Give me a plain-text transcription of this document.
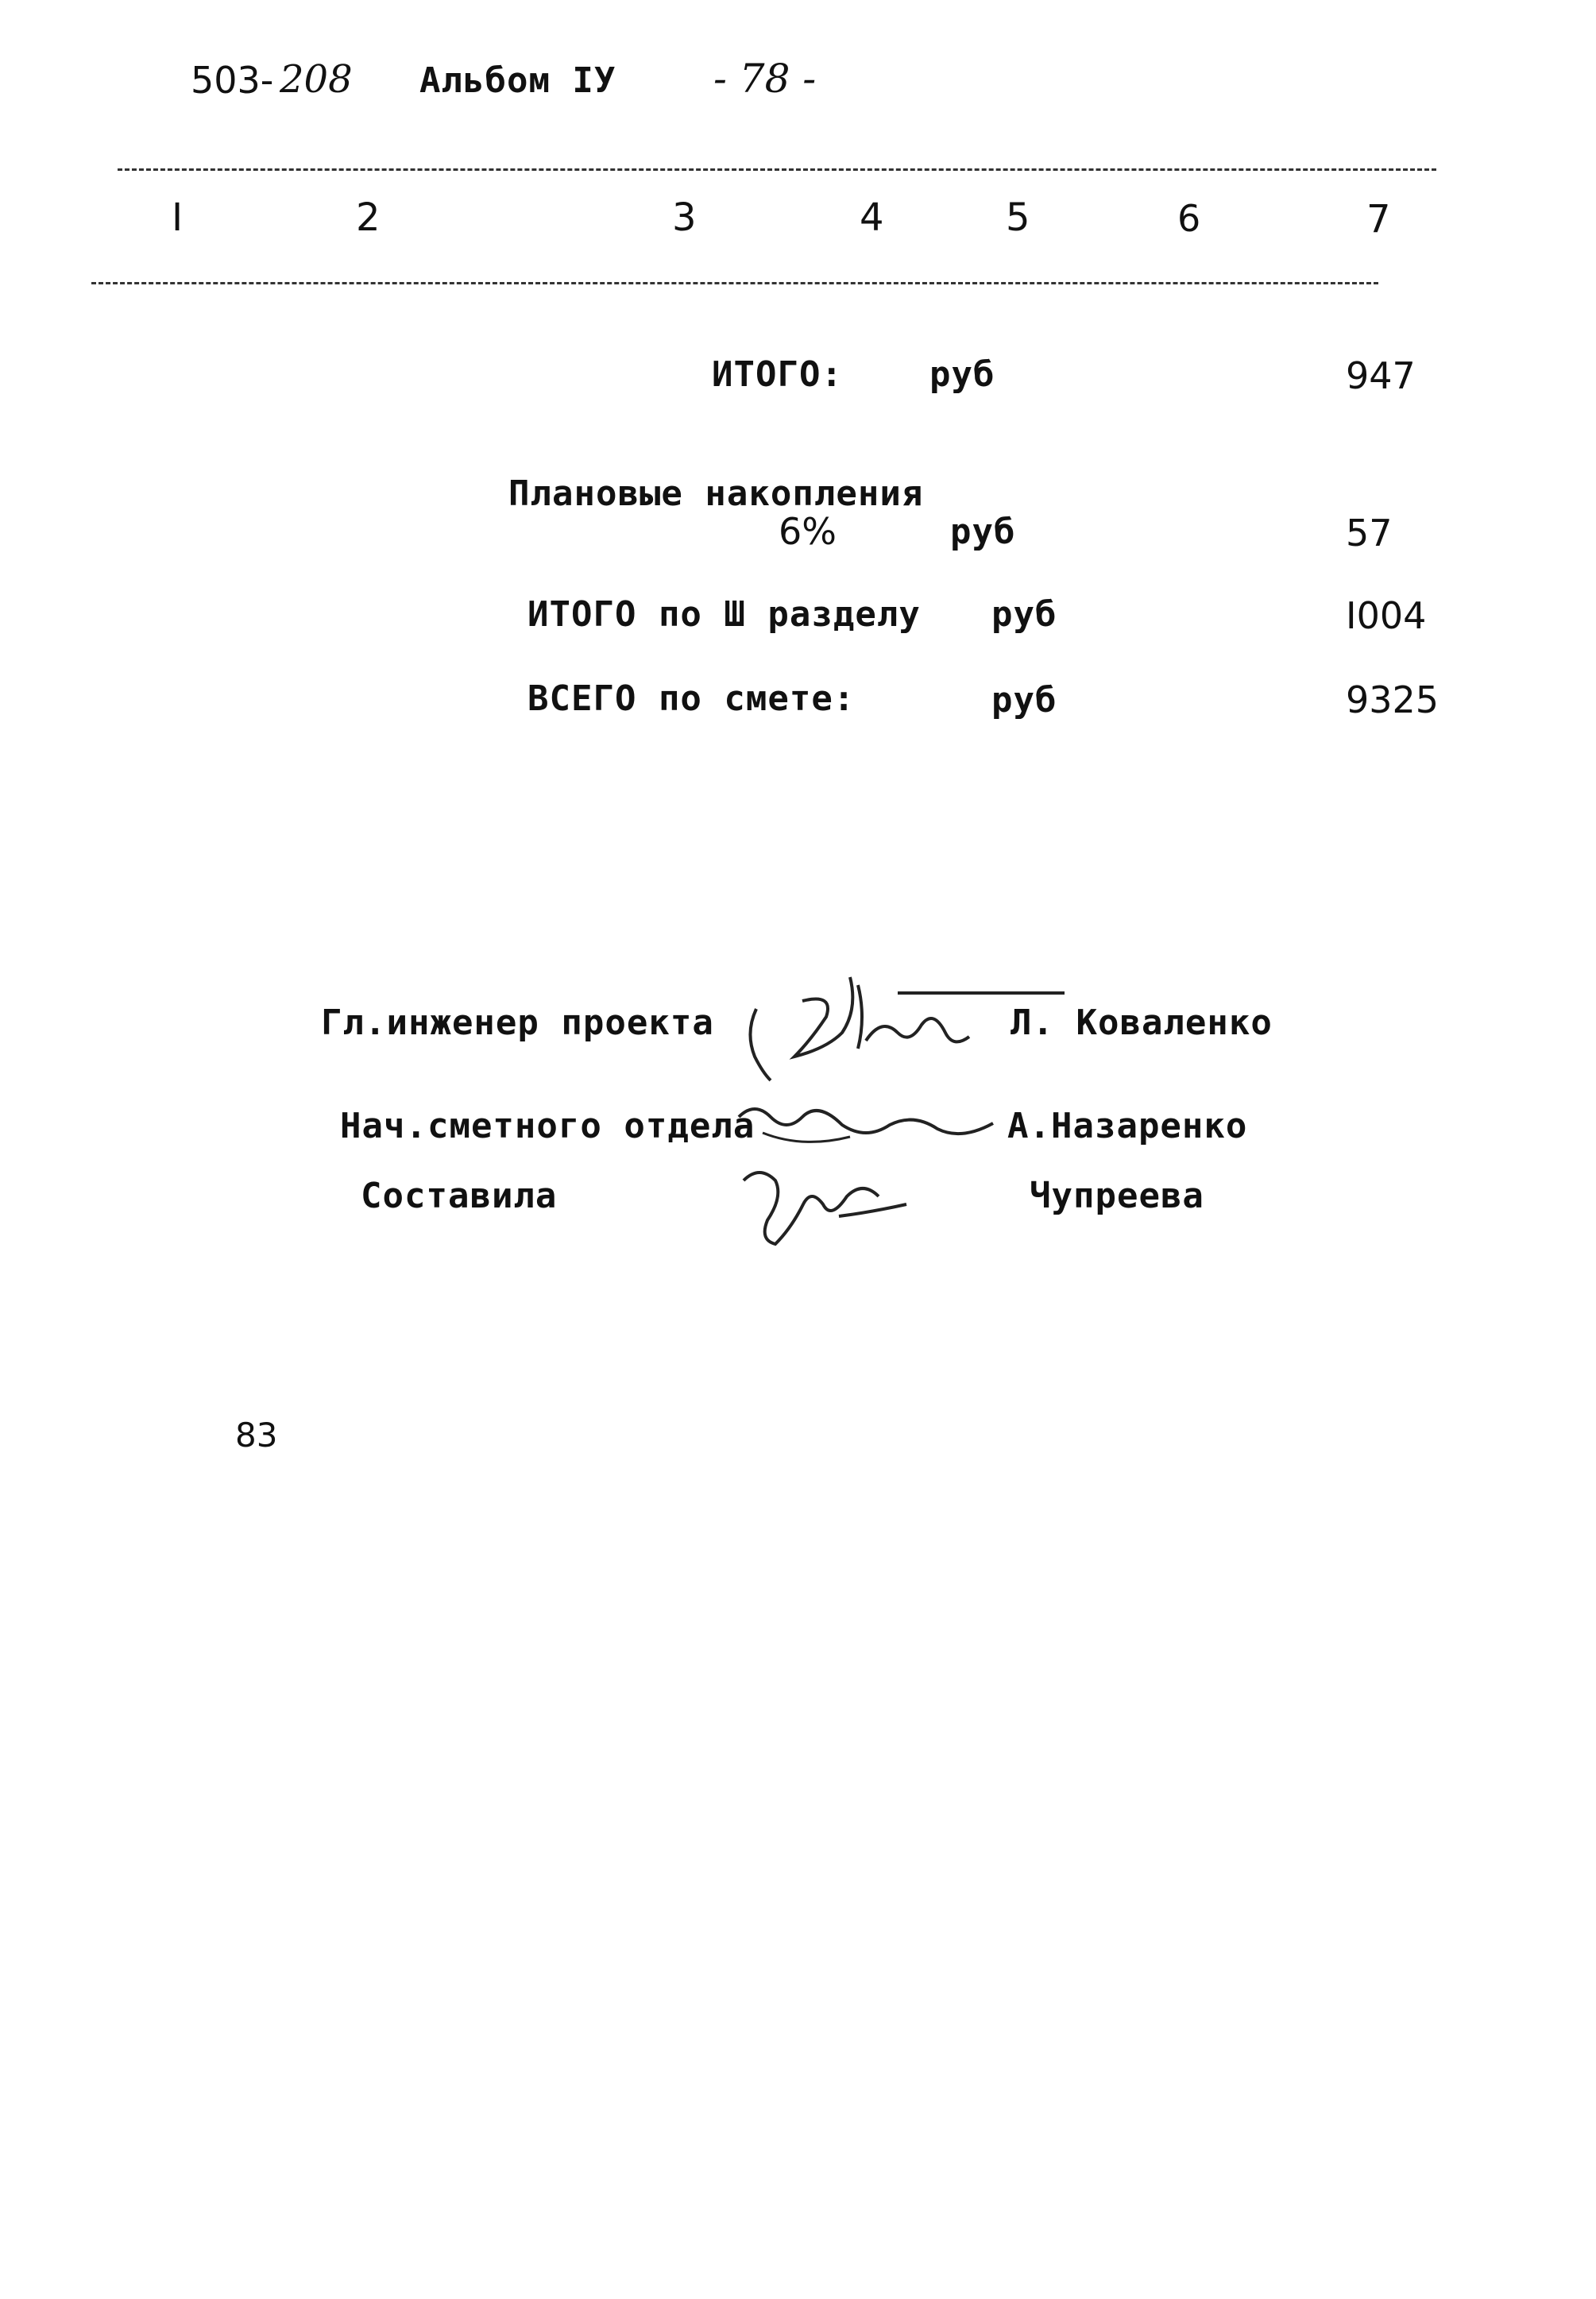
503- 208 Альбом IУ - 78 -
I	2	3	4	5	6	7
ИТОГО: руб	947
Плановые накопления
6%	руб	57
ИТОГО по Ш разделу руб	I004
ВСЕГО по смете:	руб	9325
Гл.инженер проекта	Л. Коваленко
Нач.сметного отдела	А.Назаренко
Составила	Чупреева
83
